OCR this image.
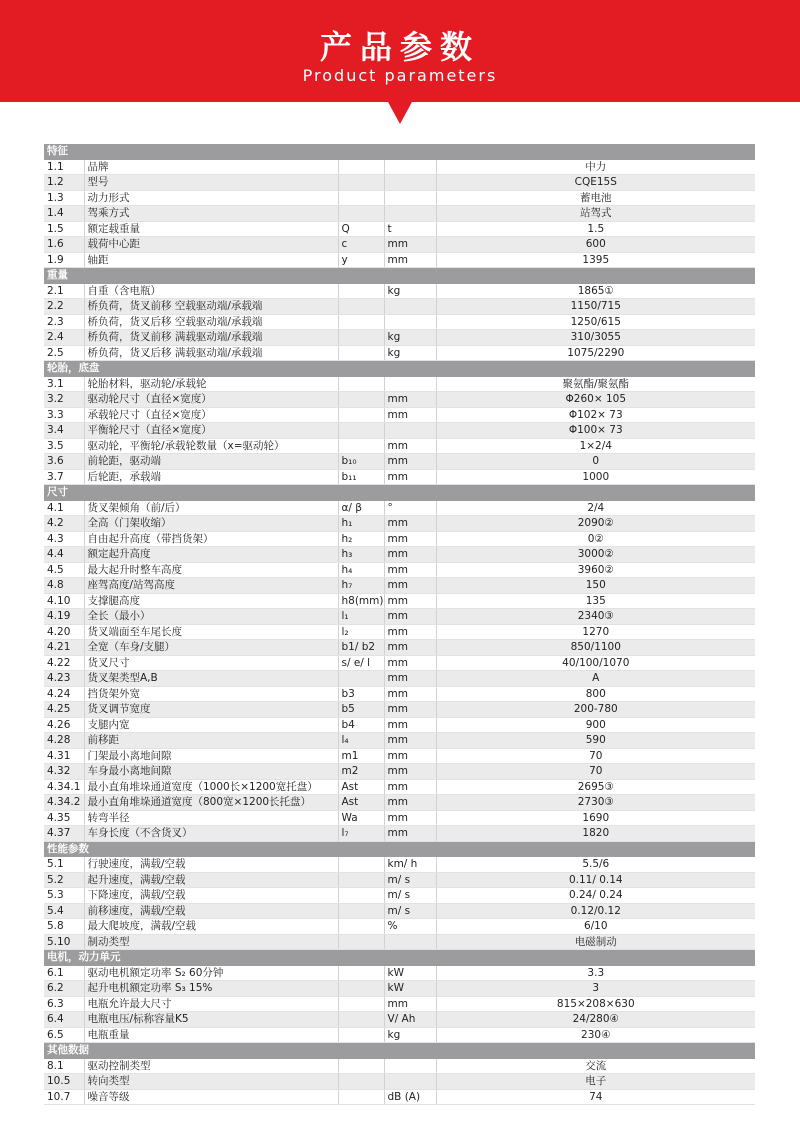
产品参数
Product parameters
特征				
1.1	品牌			中力
1.2	型号			CQE15S
1.3	动力形式			蓄电池
1.4	驾乘方式			站驾式
1.5	额定载重量	Q	t	1.5
1.6	载荷中心距	c	mm	600
1.9	轴距	y	mm	1395
重量				
2.1	自重（含电瓶）		kg	1865①
2.2	桥负荷，货叉前移 空载驱动端/承载端			1150/715
2.3	桥负荷，货叉后移 空载驱动端/承载端			1250/615
2.4	桥负荷，货叉前移 满载驱动端/承载端		kg	310/3055
2.5	桥负荷，货叉后移 满载驱动端/承载端		kg	1075/2290
轮胎，底盘				
3.1	轮胎材料，驱动轮/承载轮			聚氨酯/聚氨酯
3.2	驱动轮尺寸（直径×宽度）		mm	Φ260× 105
3.3	承载轮尺寸（直径×宽度）		mm	Φ102× 73
3.4	平衡轮尺寸（直径×宽度）			Φ100× 73
3.5	驱动轮，平衡轮/承载轮数量（x=驱动轮）		mm	1×2/4
3.6	前轮距，驱动端	b₁₀	mm	0
3.7	后轮距，承载端	b₁₁	mm	1000
尺寸				
4.1	货叉架倾角（前/后）	α/ β	°	2/4
4.2	全高（门架收缩）	h₁	mm	2090②
4.3	自由起升高度（带挡货架）	h₂	mm	0②
4.4	额定起升高度	h₃	mm	3000②
4.5	最大起升时整车高度	h₄	mm	3960②
4.8	座驾高度/站驾高度	h₇	mm	150
4.10	支撑腿高度	h8(mm)	mm	135
4.19	全长（最小）	l₁	mm	2340③
4.20	货叉端面至车尾长度	l₂	mm	1270
4.21	全宽（车身/支腿）	b1/ b2	mm	850/1100
4.22	货叉尺寸	s/ e/ l	mm	40/100/1070
4.23	货叉架类型A,B		mm	A
4.24	挡货架外宽	b3	mm	800
4.25	货叉调节宽度	b5	mm	200-780
4.26	支腿内宽	b4	mm	900
4.28	前移距	l₄	mm	590
4.31	门架最小离地间隙	m1	mm	70
4.32	车身最小离地间隙	m2	mm	70
4.34.1	最小直角堆垛通道宽度（1000长×1200宽托盘）	Ast	mm	2695③
4.34.2	最小直角堆垛通道宽度（800宽×1200长托盘）	Ast	mm	2730③
4.35	转弯半径	Wa	mm	1690
4.37	车身长度（不含货叉）	l₇	mm	1820
性能参数				
5.1	行驶速度，满载/空载		km/ h	5.5/6
5.2	起升速度，满载/空载		m/ s	0.11/ 0.14
5.3	下降速度，满载/空载		m/ s	0.24/ 0.24
5.4	前移速度，满载/空载		m/ s	0.12/0.12
5.8	最大爬坡度，满载/空载		%	6/10
5.10	制动类型			电磁制动
电机，动力单元				
6.1	驱动电机额定功率 S₂ 60分钟		kW	3.3
6.2	起升电机额定功率 S₃ 15%		kW	3
6.3	电瓶允许最大尺寸		mm	815×208×630
6.4	电瓶电压/标称容量K5		V/ Ah	24/280④
6.5	电瓶重量		kg	230④
其他数据				
8.1	驱动控制类型			交流
10.5	转向类型			电子
10.7	噪音等级		dB (A)	74
